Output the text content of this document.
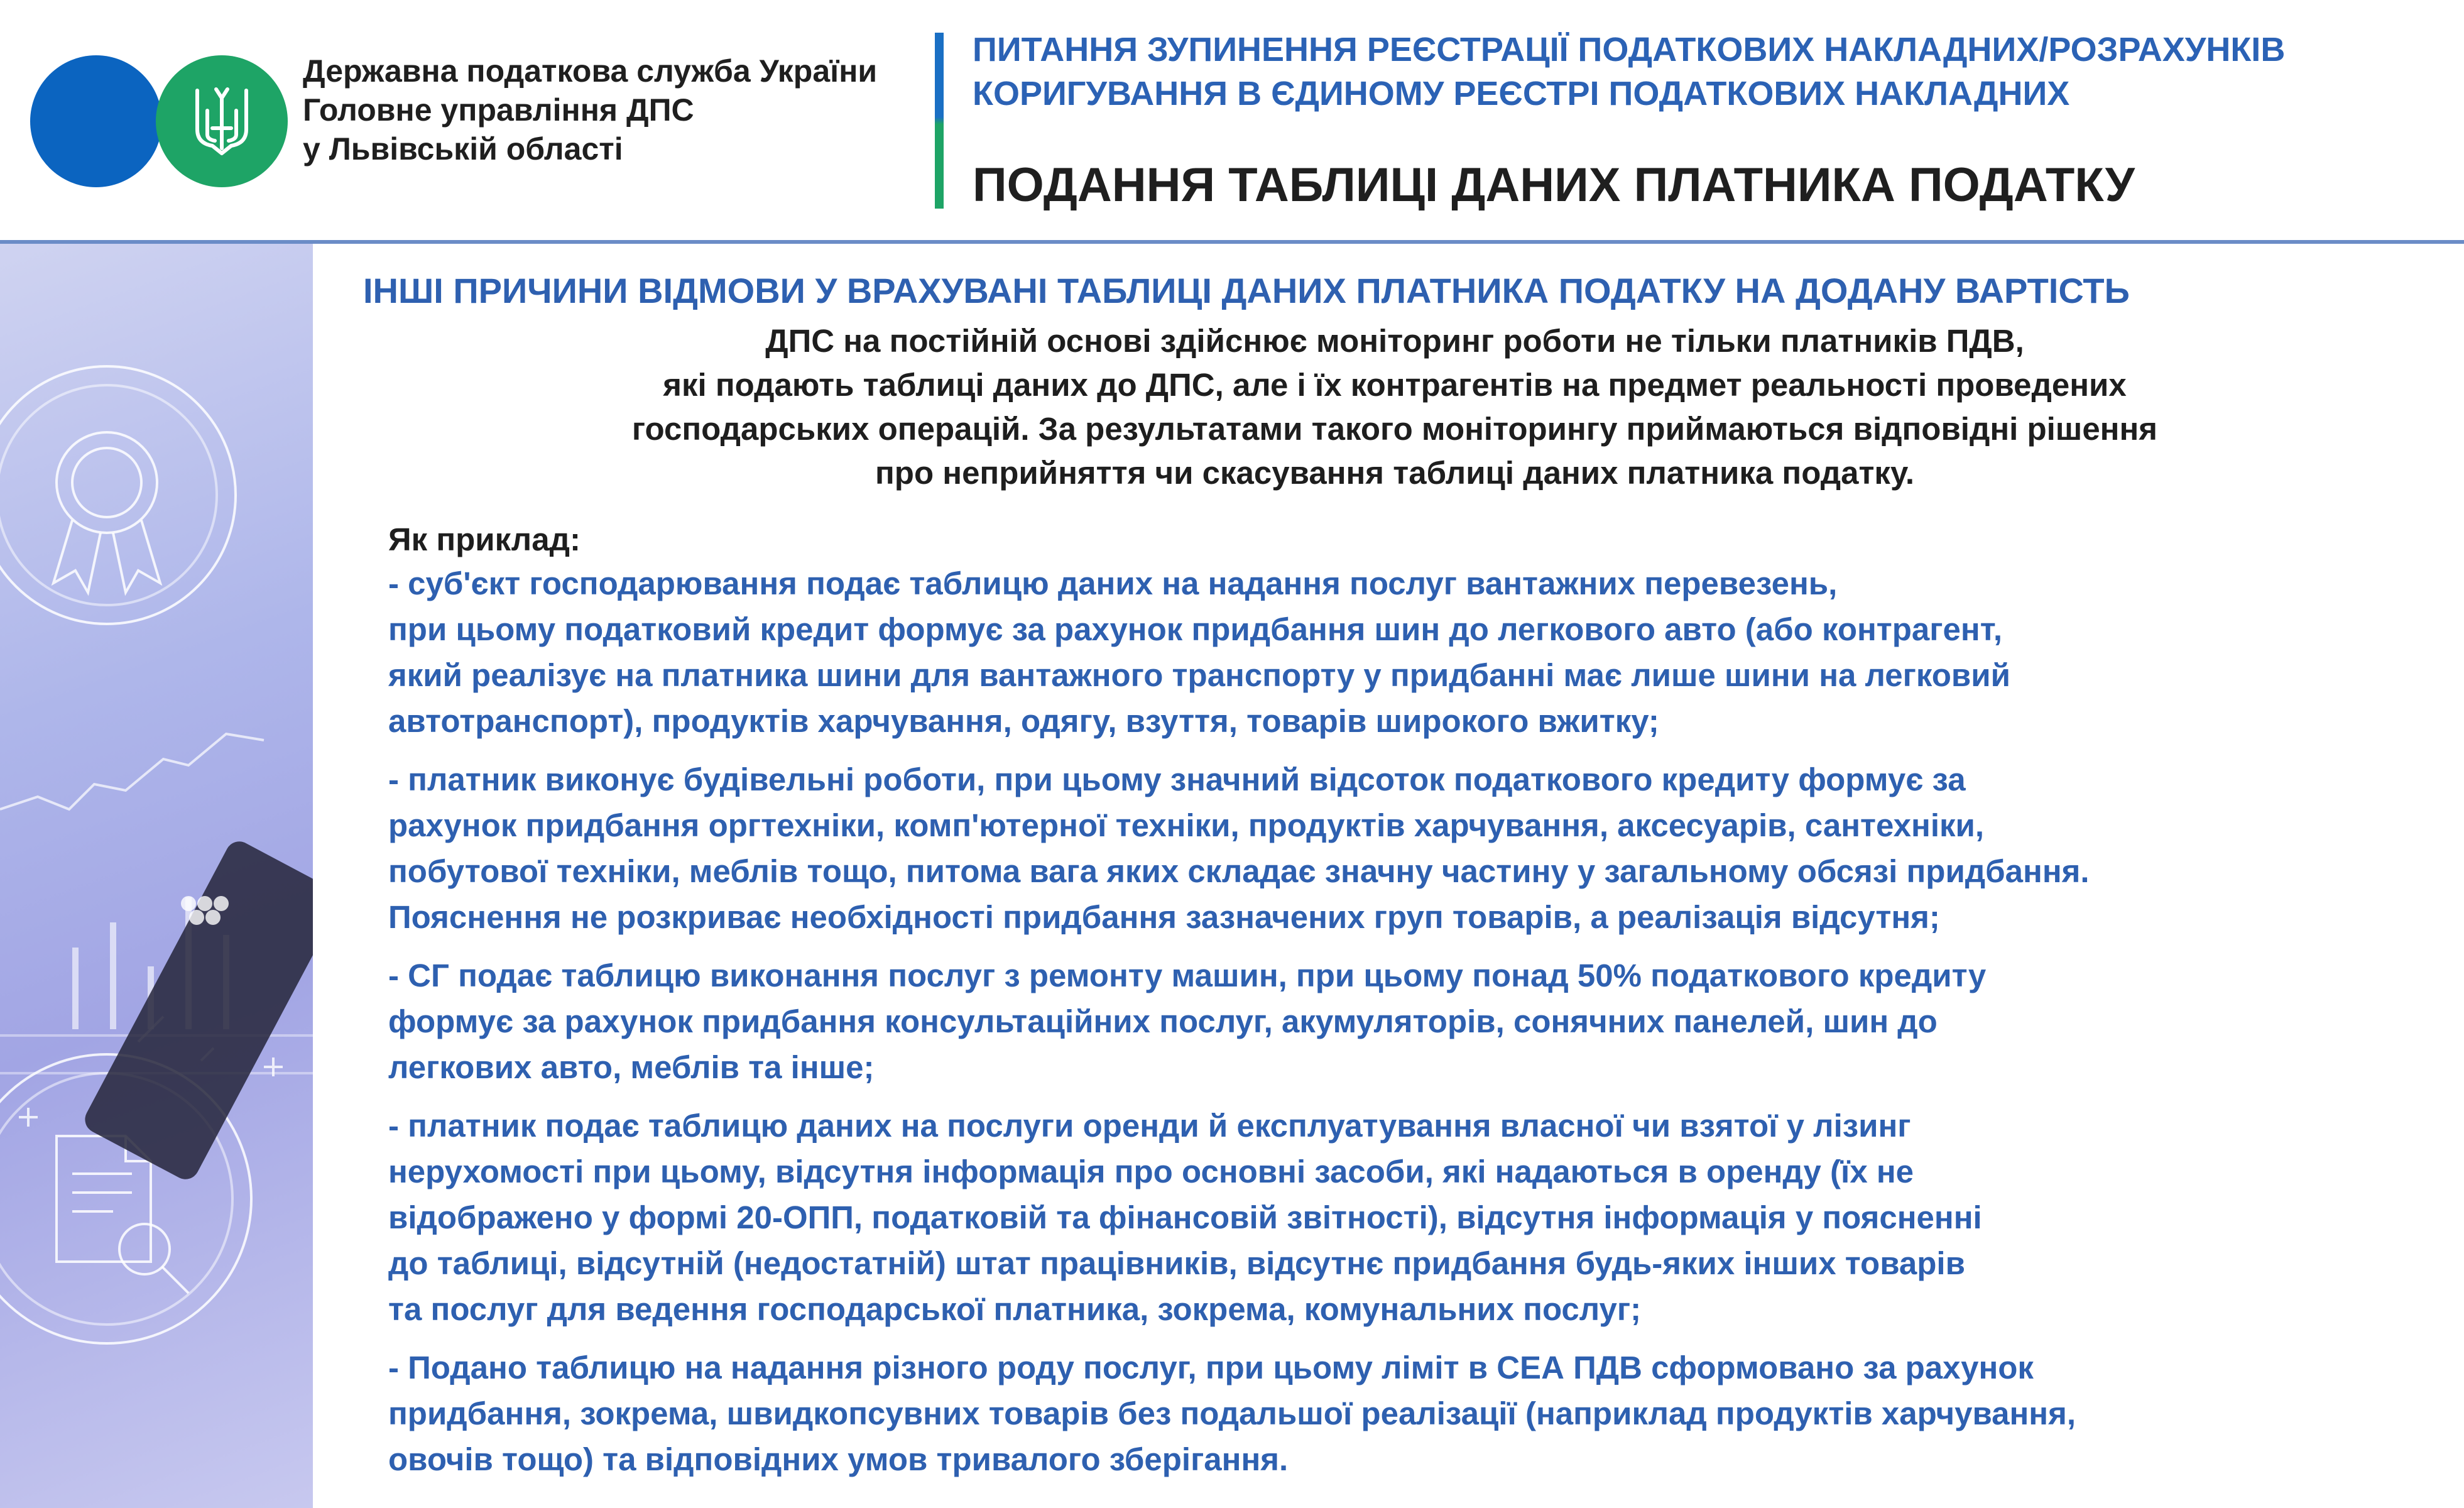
Державна податкова служба України
Головне управління ДПС
у Львівській області
ПИТАННЯ ЗУПИНЕННЯ РЕЄСТРАЦІЇ ПОДАТКОВИХ НАКЛАДНИХ/РОЗРАХУНКІВ
КОРИГУВАННЯ В ЄДИНОМУ РЕЄСТРІ ПОДАТКОВИХ НАКЛАДНИХ
ПОДАННЯ ТАБЛИЦІ ДАНИХ ПЛАТНИКА ПОДАТКУ
ІНШІ ПРИЧИНИ ВІДМОВИ У ВРАХУВАНІ ТАБЛИЦІ ДАНИХ ПЛАТНИКА ПОДАТКУ НА ДОДАНУ ВАРТІСТЬ
ДПС на постійній основі здійснює моніторинг роботи не тільки платників ПДВ,
які подають таблиці даних до ДПС, але і їх контрагентів на предмет реальності проведених
господарських операцій. За результатами такого моніторингу приймаються відповідні рішення
про неприйняття чи скасування таблиці даних платника податку.
Як приклад:
- суб'єкт господарювання подає таблицю даних на надання послуг вантажних перевезень,
при цьому податковий кредит формує за рахунок придбання шин до легкового авто (або контрагент,
який реалізує на платника шини для вантажного транспорту у придбанні має лише шини на легковий
автотранспорт), продуктів харчування, одягу, взуття, товарів широкого вжитку;
- платник виконує будівельні роботи, при цьому значний відсоток податкового кредиту формує за
рахунок придбання оргтехніки, комп'ютерної техніки, продуктів харчування, аксесуарів, сантехніки,
побутової техніки, меблів тощо, питома вага яких складає значну частину у загальному обсязі придбання.
Пояснення не розкриває необхідності придбання зазначених груп товарів, а реалізація відсутня;
- СГ подає таблицю виконання послуг з ремонту машин, при цьому понад 50% податкового кредиту
формує за рахунок придбання консультаційних послуг, акумуляторів, сонячних панелей, шин до
легкових авто, меблів та інше;
- платник подає таблицю даних на послуги оренди й експлуатування власної чи взятої у лізинг
нерухомості при цьому, відсутня інформація про основні засоби, які надаються в оренду (їх не
відображено у формі 20-ОПП, податковій та фінансовій звітності), відсутня інформація у поясненні
до таблиці, відсутній (недостатній) штат працівників, відсутнє придбання будь-яких інших товарів
та послуг для ведення господарської платника, зокрема, комунальних послуг;
- Подано таблицю на надання різного роду послуг, при цьому ліміт в СЕА ПДВ сформовано за рахунок
придбання, зокрема, швидкопсувних товарів без подальшої реалізації (наприклад продуктів харчування,
овочів тощо) та відповідних умов тривалого зберігання.
